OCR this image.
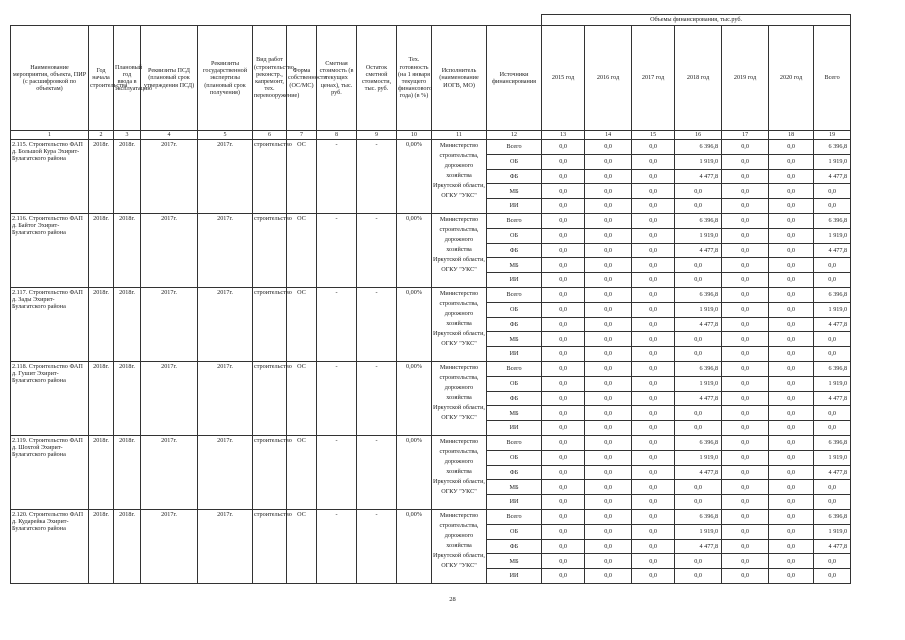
												Объемы финансирования, тыс.руб.						
Наименование мероприятия, объекта, ПИР (с расшифровкой по объектам)	Год начала строительства	Плановый год ввода в эксплуатацию	Реквизиты ПСД (плановый срок утверждения ПСД)	Реквизиты государственной экспертизы (плановый срок получения)	Вид работ (строительство, реконстр., капремонт, тех. перевооружение)	Форма собственности (ОС/МС)	Сметная стоимость (в текущих ценах), тыс. руб.	Остаток сметной стоимости, тыс. руб.	Тех. готовность (на 1 января текущего финансового года) (в %)	Исполнитель (наименование ИОГВ, МО)	Источники финансирования	2015 год	2016 год	2017 год	2018 год	2019 год	2020 год	Всего
1	2	3	4	5	6	7	8	9	10	11	12	13	14	15	16	17	18	19
2.115. Строительство ФАП д. Большой Кура Эхирит-Булагатского района	2018г.	2018г.	2017г.	2017г.	строительство	ОС	-	-	0,00%	Министерство строительства, дорожного хозяйства Иркутской области, ОГКУ "УКС"	Всего	0,0	0,0	0,0	6 396,8	0,0	0,0	6 396,8
											ОБ	0,0	0,0	0,0	1 919,0	0,0	0,0	1 919,0
											ФБ	0,0	0,0	0,0	4 477,8	0,0	0,0	4 477,8
											МБ	0,0	0,0	0,0	0,0	0,0	0,0	0,0
											ИИ	0,0	0,0	0,0	0,0	0,0	0,0	0,0
2.116. Строительство ФАП д. Байтог Эхирит-Булагатского района	2018г.	2018г.	2017г.	2017г.	строительство	ОС	-	-	0,00%	Министерство строительства, дорожного хозяйства Иркутской области, ОГКУ "УКС"	Всего	0,0	0,0	0,0	6 396,8	0,0	0,0	6 396,8
											ОБ	0,0	0,0	0,0	1 919,0	0,0	0,0	1 919,0
											ФБ	0,0	0,0	0,0	4 477,8	0,0	0,0	4 477,8
											МБ	0,0	0,0	0,0	0,0	0,0	0,0	0,0
											ИИ	0,0	0,0	0,0	0,0	0,0	0,0	0,0
2.117. Строительство ФАП д. Зады Эхирит-Булагатского района	2018г.	2018г.	2017г.	2017г.	строительство	ОС	-	-	0,00%	Министерство строительства, дорожного хозяйства Иркутской области, ОГКУ "УКС"	Всего	0,0	0,0	0,0	6 396,8	0,0	0,0	6 396,8
											ОБ	0,0	0,0	0,0	1 919,0	0,0	0,0	1 919,0
											ФБ	0,0	0,0	0,0	4 477,8	0,0	0,0	4 477,8
											МБ	0,0	0,0	0,0	0,0	0,0	0,0	0,0
											ИИ	0,0	0,0	0,0	0,0	0,0	0,0	0,0
2.118. Строительство ФАП д. Гушит Эхирит-Булагатского района	2018г.	2018г.	2017г.	2017г.	строительство	ОС	-	-	0,00%	Министерство строительства, дорожного хозяйства Иркутской области, ОГКУ "УКС"	Всего	0,0	0,0	0,0	6 396,8	0,0	0,0	6 396,8
											ОБ	0,0	0,0	0,0	1 919,0	0,0	0,0	1 919,0
											ФБ	0,0	0,0	0,0	4 477,8	0,0	0,0	4 477,8
											МБ	0,0	0,0	0,0	0,0	0,0	0,0	0,0
											ИИ	0,0	0,0	0,0	0,0	0,0	0,0	0,0
2.119. Строительство ФАП д. Шохтой Эхирит-Булагатского района	2018г.	2018г.	2017г.	2017г.	строительство	ОС	-	-	0,00%	Министерство строительства, дорожного хозяйства Иркутской области, ОГКУ "УКС"	Всего	0,0	0,0	0,0	6 396,8	0,0	0,0	6 396,8
											ОБ	0,0	0,0	0,0	1 919,0	0,0	0,0	1 919,0
											ФБ	0,0	0,0	0,0	4 477,8	0,0	0,0	4 477,8
											МБ	0,0	0,0	0,0	0,0	0,0	0,0	0,0
											ИИ	0,0	0,0	0,0	0,0	0,0	0,0	0,0
2.120. Строительство ФАП д. Кударейка Эхирит-Булагатского района	2018г.	2018г.	2017г.	2017г.	строительство	ОС	-	-	0,00%	Министерство строительства, дорожного хозяйства Иркутской области, ОГКУ "УКС"	Всего	0,0	0,0	0,0	6 396,8	0,0	0,0	6 396,8
											ОБ	0,0	0,0	0,0	1 919,0	0,0	0,0	1 919,0
											ФБ	0,0	0,0	0,0	4 477,8	0,0	0,0	4 477,8
											МБ	0,0	0,0	0,0	0,0	0,0	0,0	0,0
											ИИ	0,0	0,0	0,0	0,0	0,0	0,0	0,0
28
